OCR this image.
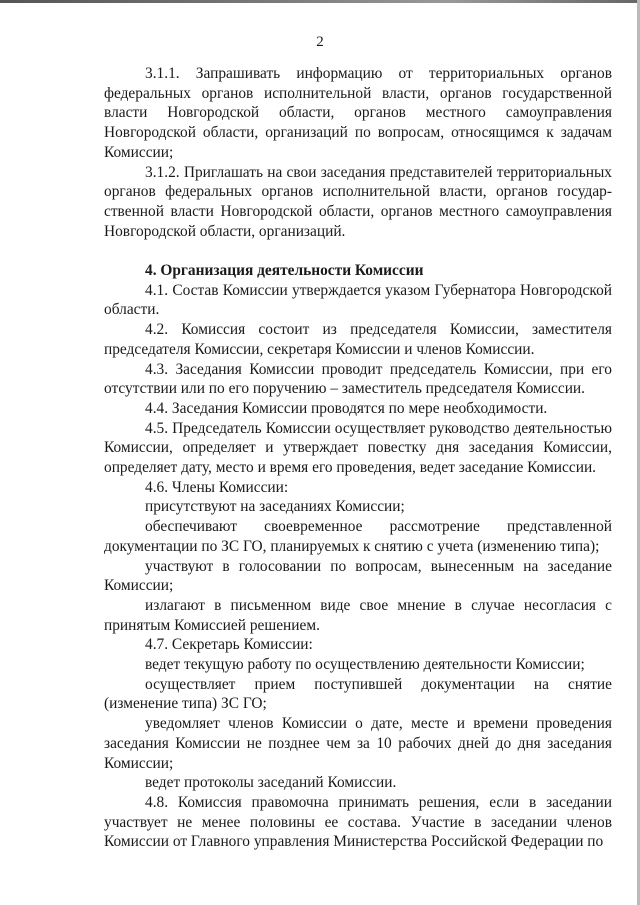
2

3.1.1. Запрашивать информацию от территориальных органов федеральных органов исполнительной власти, органов государственной власти Новгородской области, органов местного самоуправления Новгородской области, организаций по вопросам, относящимся к задачам Комиссии;

3.1.2. Приглашать на свои заседания представителей территориальных органов федеральных органов исполнительной власти, органов государственной власти Новгородской области, органов местного самоуправления Новгородской области, организаций.

4. Организация деятельности Комиссии

4.1. Состав Комиссии утверждается указом Губернатора Новгородской области.

4.2. Комиссия состоит из председателя Комиссии, заместителя председателя Комиссии, секретаря Комиссии и членов Комиссии.

4.3. Заседания Комиссии проводит председатель Комиссии, при его отсутствии или по его поручению – заместитель председателя Комиссии.

4.4. Заседания Комиссии проводятся по мере необходимости.

4.5. Председатель Комиссии осуществляет руководство деятельностью Комиссии, определяет и утверждает повестку дня заседания Комиссии, определяет дату, место и время его проведения, ведет заседание Комиссии.

4.6. Члены Комиссии:

присутствуют на заседаниях Комиссии;

обеспечивают своевременное рассмотрение представленной документации по ЗС ГО, планируемых к снятию с учета (изменению типа);

участвуют в голосовании по вопросам, вынесенным на заседание Комиссии;

излагают в письменном виде свое мнение в случае несогласия с принятым Комиссией решением.

4.7. Секретарь Комиссии:

ведет текущую работу по осуществлению деятельности Комиссии;

осуществляет прием поступившей документации на снятие (изменение типа) ЗС ГО;

уведомляет членов Комиссии о дате, месте и времени проведения заседания Комиссии не позднее чем за 10 рабочих дней до дня заседания Комиссии;

ведет протоколы заседаний Комиссии.

4.8. Комиссия правомочна принимать решения, если в заседании участвует не менее половины ее состава. Участие в заседании членов Комиссии от Главного управления Министерства Российской Федерации по
